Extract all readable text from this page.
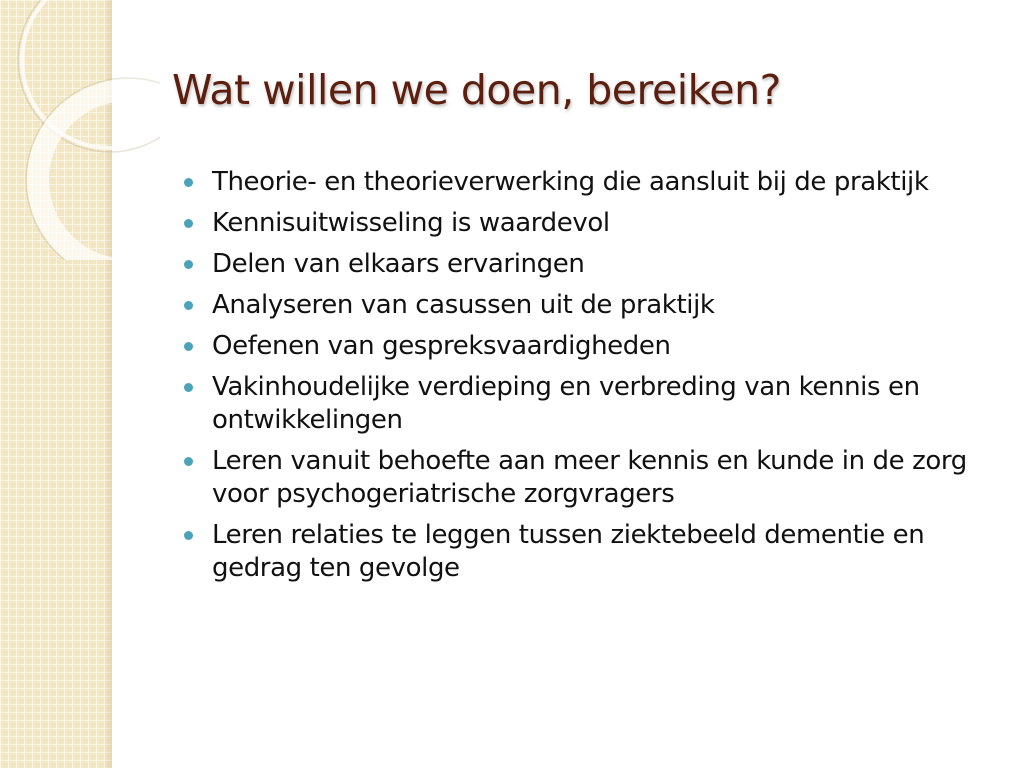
Wat willen we doen, bereiken?
Theorie- en theorieverwerking die aansluit bij de praktijk
Kennisuitwisseling is waardevol
Delen van elkaars ervaringen
Analyseren van casussen uit de praktijk
Oefenen van gespreksvaardigheden
Vakinhoudelijke verdieping en verbreding van kennis en ontwikkelingen
Leren vanuit behoefte aan meer kennis en kunde in de zorg voor psychogeriatrische zorgvragers
Leren relaties te leggen tussen ziektebeeld dementie en gedrag ten gevolge
